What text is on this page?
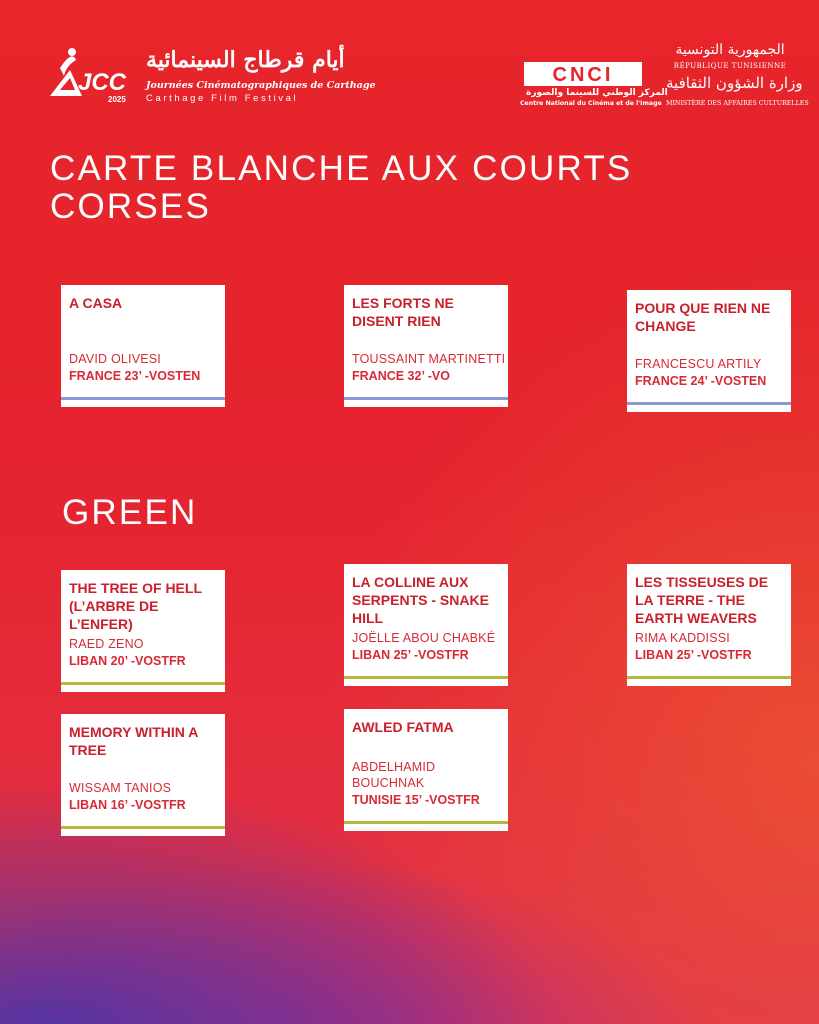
JCC
2025
أيام قرطاج السينمائية
Journées Cinématographiques de Carthage
Carthage Film Festival
CNCI
المركز الوطني للسينما والصورة
Centre National du Cinéma et de l'Image
الجمهورية التونسية
RÉPUBLIQUE TUNISIENNE
وزارة الشؤون الثقافية
MINISTÈRE DES AFFAIRES CULTURELLES
CARTE BLANCHE AUX COURTS CORSES

A CASA

DAVID OLIVESI

FRANCE 23’ -VOSTEN

LES FORTS NE DISENT RIEN

TOUSSAINT MARTINETTI

FRANCE 32’ -VO

POUR QUE RIEN NE CHANGE

FRANCESCU ARTILY

FRANCE 24’ -VOSTEN

GREEN

THE TREE OF HELL (L’ARBRE DE L’ENFER)

RAED ZENO

LIBAN 20’ -VOSTFR

LA COLLINE AUX SERPENTS - SNAKE HILL

JOËLLE ABOU CHABKÉ

LIBAN 25’ -VOSTFR

LES TISSEUSES DE LA TERRE - THE EARTH WEAVERS

RIMA KADDISSI

LIBAN 25’ -VOSTFR

MEMORY WITHIN A TREE

WISSAM TANIOS

LIBAN 16’ -VOSTFR

AWLED FATMA

ABDELHAMID BOUCHNAK

TUNISIE 15’ -VOSTFR
